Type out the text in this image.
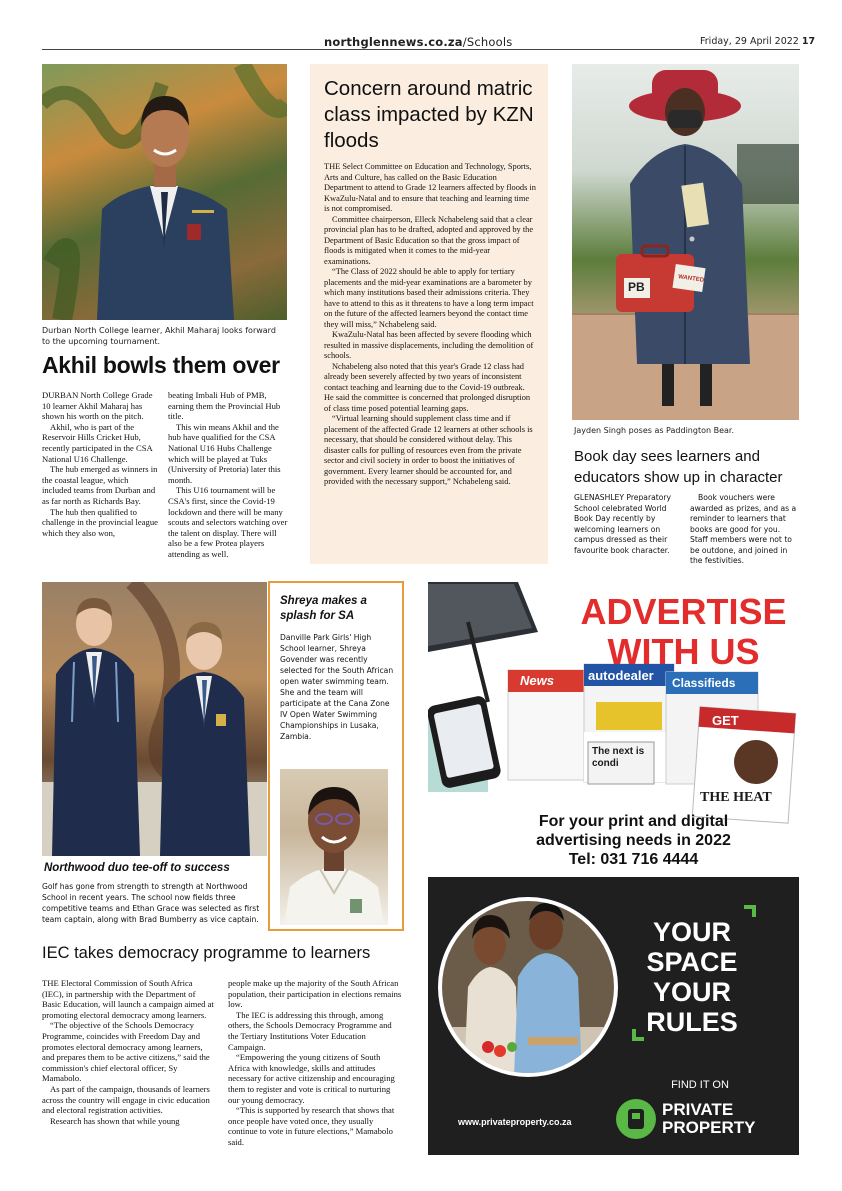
northglennews.co.za/Schools	Friday, 29 April 2022 17
Durban North College learner, Akhil Maharaj looks forward to the upcoming tournament.
Akhil bowls them over

DURBAN North College Grade 10 learner Akhil Maharaj has shown his worth on the pitch.

Akhil, who is part of the Reservoir Hills Cricket Hub, recently participated in the CSA National U16 Challenge.

The hub emerged as winners in the coastal league, which included teams from Durban and as far north as Richards Bay.

The hub then qualified to challenge in the provincial league which they also won,

beating Imbali Hub of PMB, earning them the Provincial Hub title.

This win means Akhil and the hub have qualified for the CSA National U16 Hubs Challenge which will be played at Tuks (University of Pretoria) later this month.

This U16 tournament will be CSA's first, since the Covid-19 lockdown and there will be many scouts and selectors watching over the talent on display. There will also be a few Protea players attending as well.

Concern around matric class impacted by KZN floods

THE Select Committee on Education and Technology, Sports, Arts and Culture, has called on the Basic Education Department to attend to Grade 12 learners affected by floods in KwaZulu-Natal and to ensure that teaching and learning time is not compromised.

Committee chairperson, Elleck Nchabeleng said that a clear provincial plan has to be drafted, adopted and approved by the Department of Basic Education so that the gross impact of floods is mitigated when it comes to the mid-year examinations.

“The Class of 2022 should be able to apply for tertiary placements and the mid-year examinations are a barometer by which many institutions based their admissions criteria. They have to attend to this as it threatens to have a long term impact on the future of the affected learners beyond the contact time they will miss,” Nchabeleng said.

KwaZulu-Natal has been affected by severe flooding which resulted in massive displacements, including the demolition of schools.

Nchabeleng also noted that this year's Grade 12 class had already been severely affected by two years of inconsistent contact teaching and learning due to the Covid-19 outbreak. He said the committee is concerned that prolonged disruption of class time posed potential learning gaps.

“Virtual learning should supplement class time and if placement of the affected Grade 12 learners at other schools is necessary, that should be considered without delay. This disaster calls for pulling of resources even from the private sector and civil society in order to boost the initiatives of government. Every learner should be accounted for, and provided with the necessary support,” Nchabeleng said.

WANTED
PB
Jayden Singh poses as Paddington Bear.
Book day sees learners and educators show up in character
GLENASHLEY Preparatory School celebrated World Book Day recently by welcoming learners on campus dressed as their favourite book character.
Book vouchers were awarded as prizes, and as a reminder to learners that books are good for you. Staff members were not to be outdone, and joined in the festivities.
Northwood duo tee-off to success
Golf has gone from strength to strength at Northwood School in recent years. The school now fields three competitive teams and Ethan Grace was selected as first team captain, along with Brad Bumberry as vice captain.
Shreya makes a splash for SA
Danville Park Girls' High School learner, Shreya Govender was recently selected for the South African open water swimming team. She and the team will participate at the Cana Zone IV Open Water Swimming Championships in Lusaka, Zambia.
IEC takes democracy programme to learners

THE Electoral Commission of South Africa (IEC), in partnership with the Department of Basic Education, will launch a campaign aimed at promoting electoral democracy among learners.

“The objective of the Schools Democracy Programme, coincides with Freedom Day and promotes electoral democracy among learners, and prepares them to be active citizens,” said the commission's chief electoral officer, Sy Mamabolo.

As part of the campaign, thousands of learners across the country will engage in civic education and electoral registration activities.

Research has shown that while young

people make up the majority of the South African population, their participation in elections remains low.

The IEC is addressing this through, among others, the Schools Democracy Programme and the Tertiary Institutions Voter Education Campaign.

“Empowering the young citizens of South Africa with knowledge, skills and attitudes necessary for active citizenship and encouraging them to register and vote is critical to nurturing our young democracy.

“This is supported by research that shows that once people have voted once, they usually continue to vote in future elections,” Mamabolo said.

News	autodealer Classifieds
GET
THE HEAT
The next is condi
ADVERTISE
WITH US
For your print and digital
advertising needs in 2022
Tel: 031 716 4444
YOUR
SPACE
YOUR
RULES
FIND IT ON
PRIVATE
PROPERTY
www.privateproperty.co.za
